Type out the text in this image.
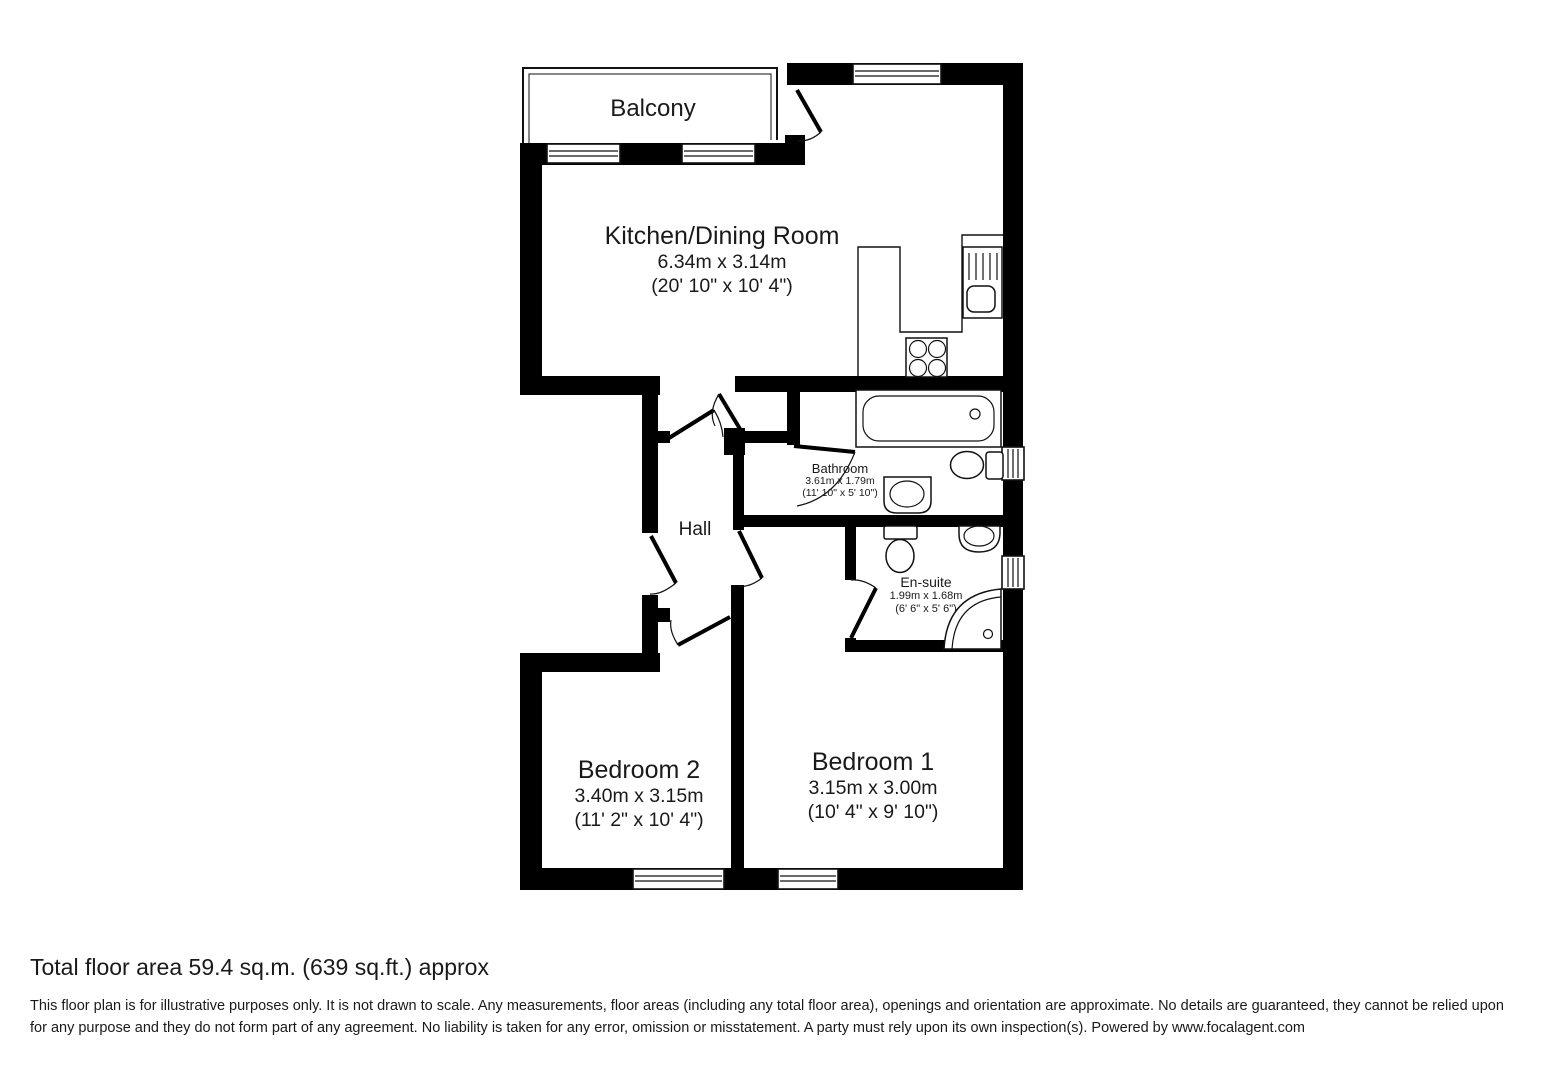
Balcony
Kitchen/Dining Room
6.34m x 3.14m
(20' 10" x 10' 4")
Bathroom
3.61m x 1.79m
(11' 10" x 5' 10")
Hall
En-suite
1.99m x 1.68m
(6' 6" x 5' 6")
Bedroom 2
3.40m x 3.15m
(11' 2" x 10' 4")
Bedroom 1
3.15m x 3.00m
(10' 4" x 9' 10")
Total floor area 59.4 sq.m. (639 sq.ft.) approx
This floor plan is for illustrative purposes only. It is not drawn to scale. Any measurements, floor areas (including any total floor area), openings and orientation are approximate. No details are guaranteed, they cannot be relied upon for any purpose and they do not form part of any agreement. No liability is taken for any error, omission or misstatement. A party must rely upon its own inspection(s). Powered by www.focalagent.com
